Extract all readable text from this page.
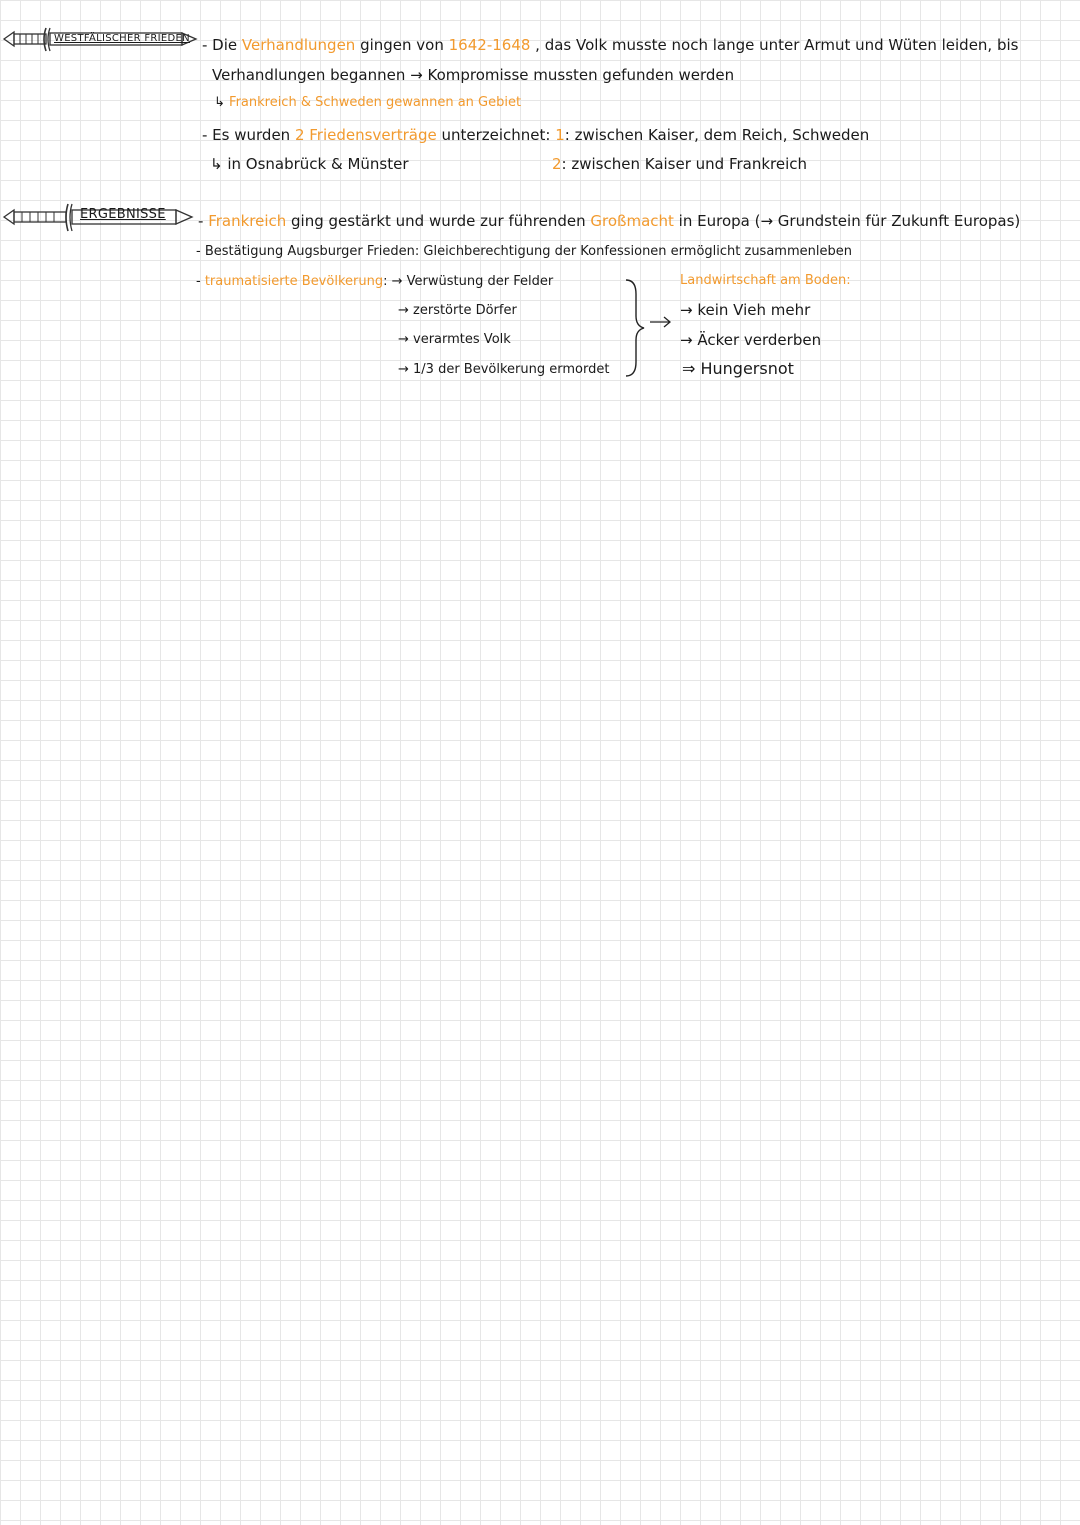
WESTFÄLISCHER FRIEDEN - Die Verhandlungen gingen von 1642-1648 , das Volk musste noch lange unter Armut und Wüten leiden, bis
Verhandlungen begannen → Kompromisse mussten gefunden werden
↳ Frankreich & Schweden gewannen an Gebiet
- Es wurden 2 Friedensverträge unterzeichnet: 1: zwischen Kaiser, dem Reich, Schweden
↳ in Osnabrück & Münster	2: zwischen Kaiser und Frankreich
ERGEBNISSE - Frankreich ging gestärkt und wurde zur führenden Großmacht in Europa (→ Grundstein für Zukunft Europas)
- Bestätigung Augsburger Frieden: Gleichberechtigung der Konfessionen ermöglicht zusammenleben
- traumatisierte Bevölkerung: → Verwüstung der Felder
→ zerstörte Dörfer
→ verarmtes Volk
→ 1/3 der Bevölkerung ermordet
Landwirtschaft am Boden:
→ kein Vieh mehr
→ Äcker verderben
⇒ Hungersnot
